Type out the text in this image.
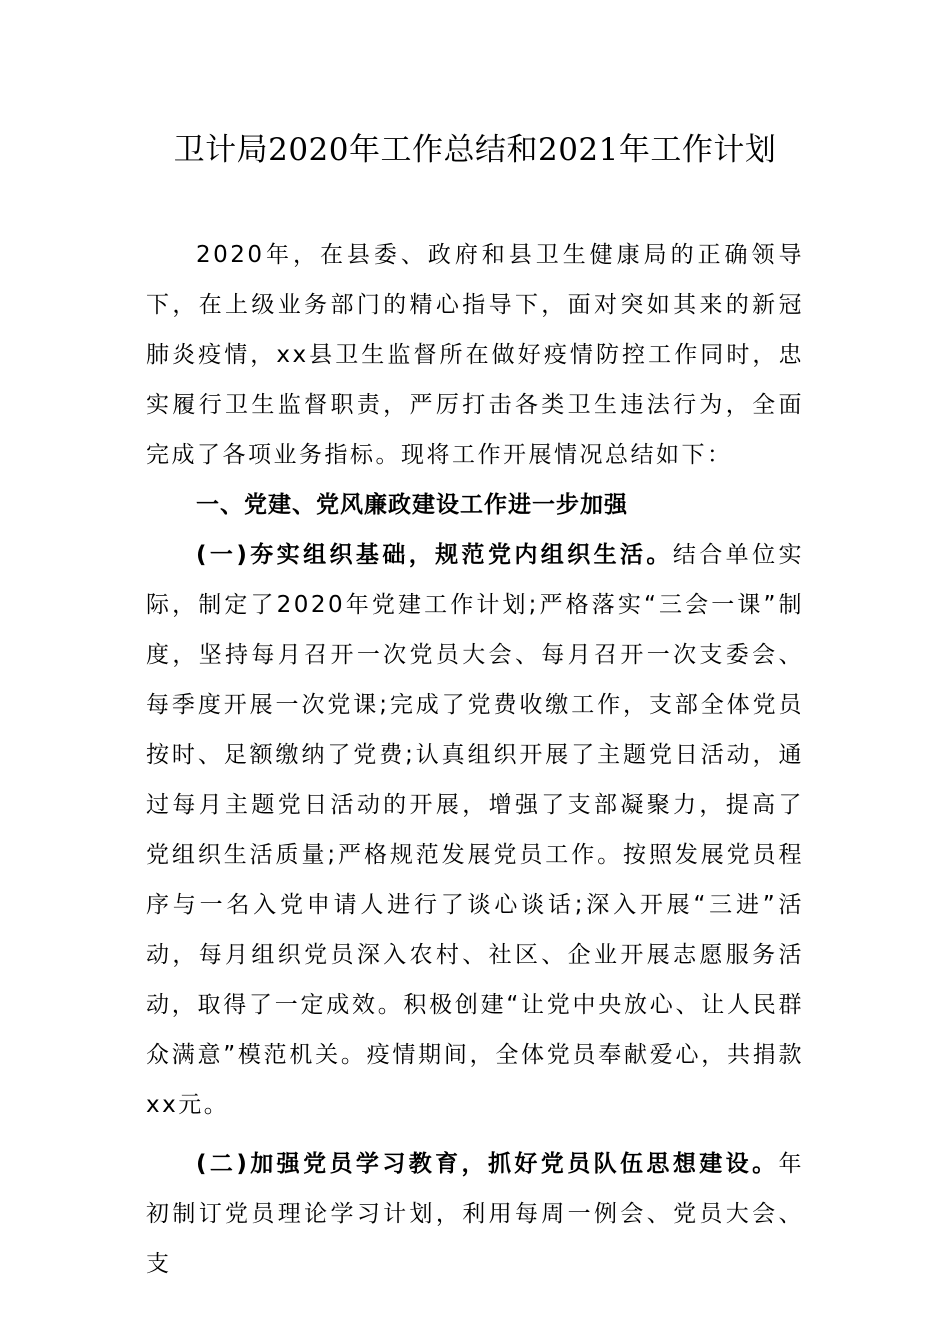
卫计局2020年工作总结和2021年工作计划

2020年，在县委、政府和县卫生健康局的正确领导下，在上级业务部门的精心指导下，面对突如其来的新冠肺炎疫情，xx县卫生监督所在做好疫情防控工作同时，忠实履行卫生监督职责，严厉打击各类卫生违法行为，全面完成了各项业务指标。现将工作开展情况总结如下：

一、党建、党风廉政建设工作进一步加强

(一)夯实组织基础，规范党内组织生活。结合单位实际，制定了2020年党建工作计划;严格落实“三会一课”制度，坚持每月召开一次党员大会、每月召开一次支委会、每季度开展一次党课;完成了党费收缴工作，支部全体党员按时、足额缴纳了党费;认真组织开展了主题党日活动，通过每月主题党日活动的开展，增强了支部凝聚力，提高了党组织生活质量;严格规范发展党员工作。按照发展党员程序与一名入党申请人进行了谈心谈话;深入开展“三进”活动，每月组织党员深入农村、社区、企业开展志愿服务活动，取得了一定成效。积极创建“让党中央放心、让人民群众满意”模范机关。疫情期间，全体党员奉献爱心，共捐款xx元。

(二)加强党员学习教育，抓好党员队伍思想建设。年初制订党员理论学习计划，利用每周一例会、党员大会、支
